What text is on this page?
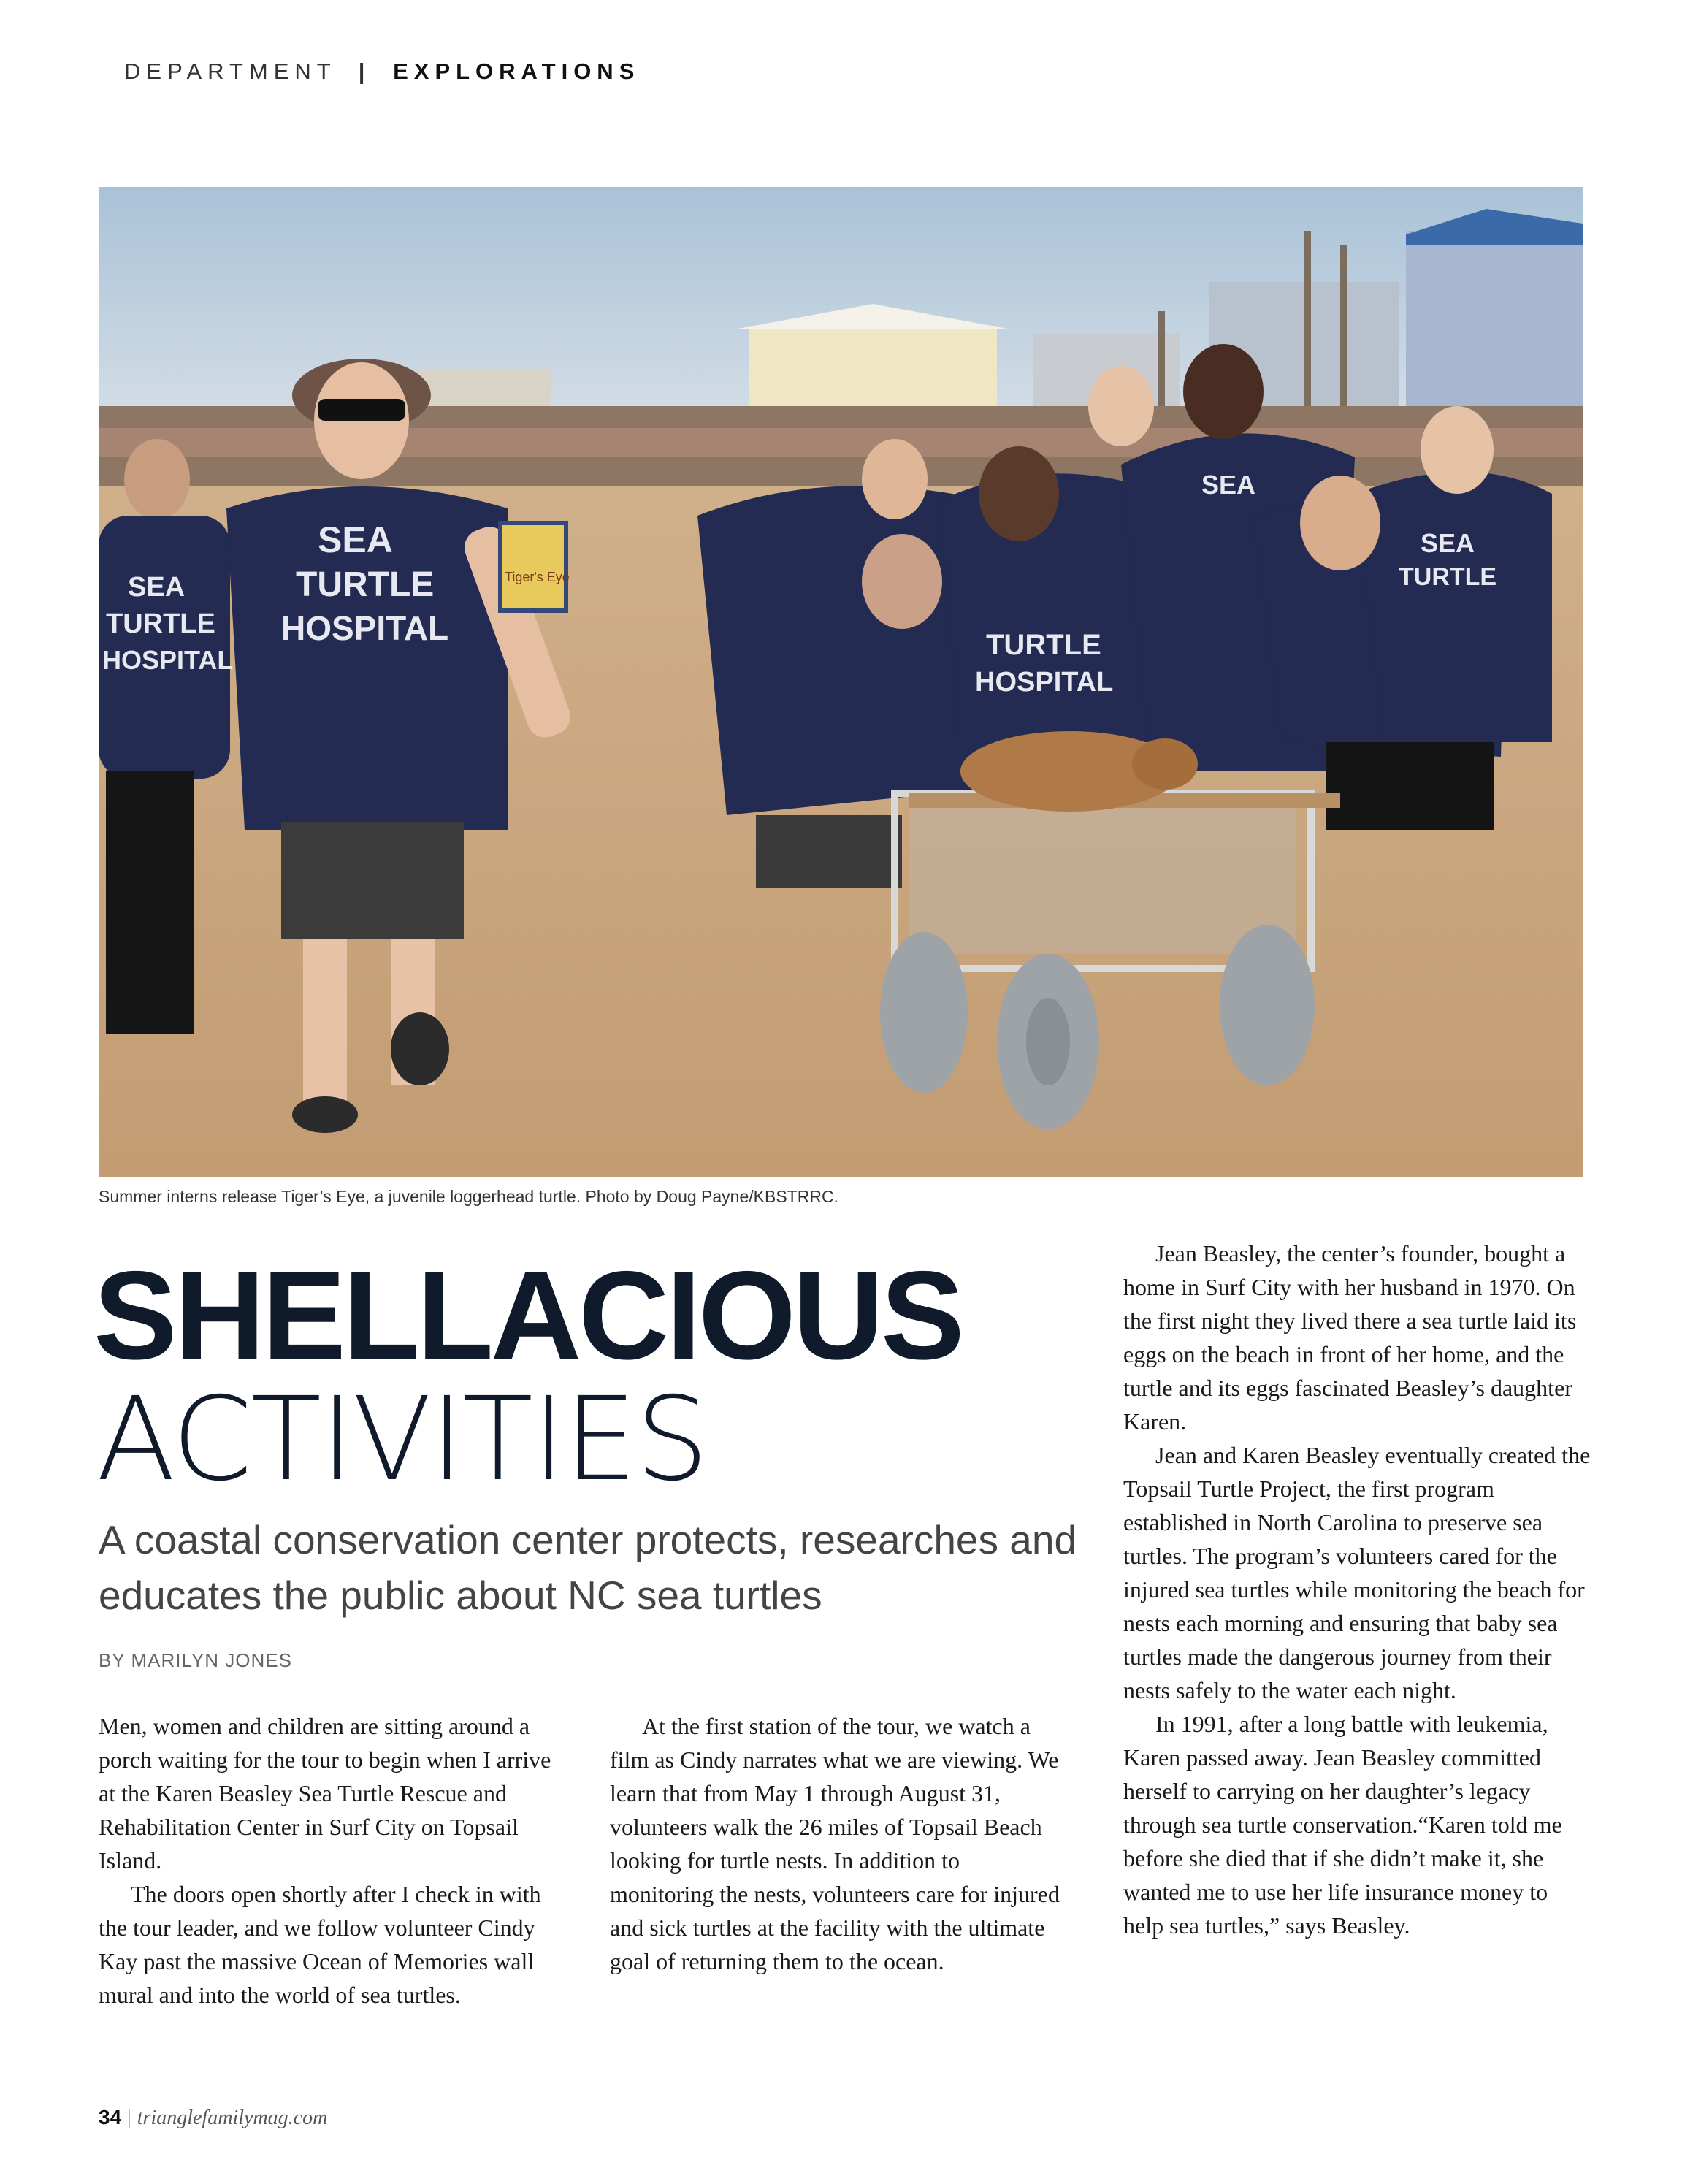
DEPARTMENT | EXPLORATIONS
SEA
TURTLE
HOSPITAL
SEA
TURTLE
HOSPITAL
Tiger's Eye
TURTLE
HOSPITAL
SEA
SEA
TURTLE
Summer interns release Tiger’s Eye, a juvenile loggerhead turtle. Photo by Doug Payne/KBSTRRC.
SHELLACIOUS
ACTIVITIES
A coastal conservation center protects, researches and educates the public about NC sea turtles
BY MARILYN JONES

Men, women and children are sitting around a porch waiting for the tour to begin when I arrive at the Karen Beasley Sea Turtle Rescue and Rehabilitation Center in Surf City on Topsail Island.

The doors open shortly after I check in with the tour leader, and we follow volunteer Cindy Kay past the massive Ocean of Memories wall mural and into the world of sea turtles.

At the first station of the tour, we watch a film as Cindy narrates what we are viewing. We learn that from May 1 through August 31, volunteers walk the 26 miles of Topsail Beach looking for turtle nests. In addition to monitoring the nests, volunteers care for injured and sick turtles at the facility with the ultimate goal of returning them to the ocean.

Jean Beasley, the center’s founder, bought a home in Surf City with her husband in 1970. On the first night they lived there a sea turtle laid its eggs on the beach in front of her home, and the turtle and its eggs fascinated Beasley’s daughter Karen.

Jean and Karen Beasley eventually created the Topsail Turtle Project, the first program established in North Carolina to preserve sea turtles. The program’s volunteers cared for the injured sea turtles while monitoring the beach for nests each morning and ensuring that baby sea turtles made the dangerous journey from their nests safely to the water each night.

In 1991, after a long battle with leukemia, Karen passed away. Jean Beasley committed herself to carrying on her daughter’s legacy through sea turtle conservation.“Karen told me before she died that if she didn’t make it, she wanted me to use her life insurance money to help sea turtles,” says Beasley.

34 | trianglefamilymag.com
